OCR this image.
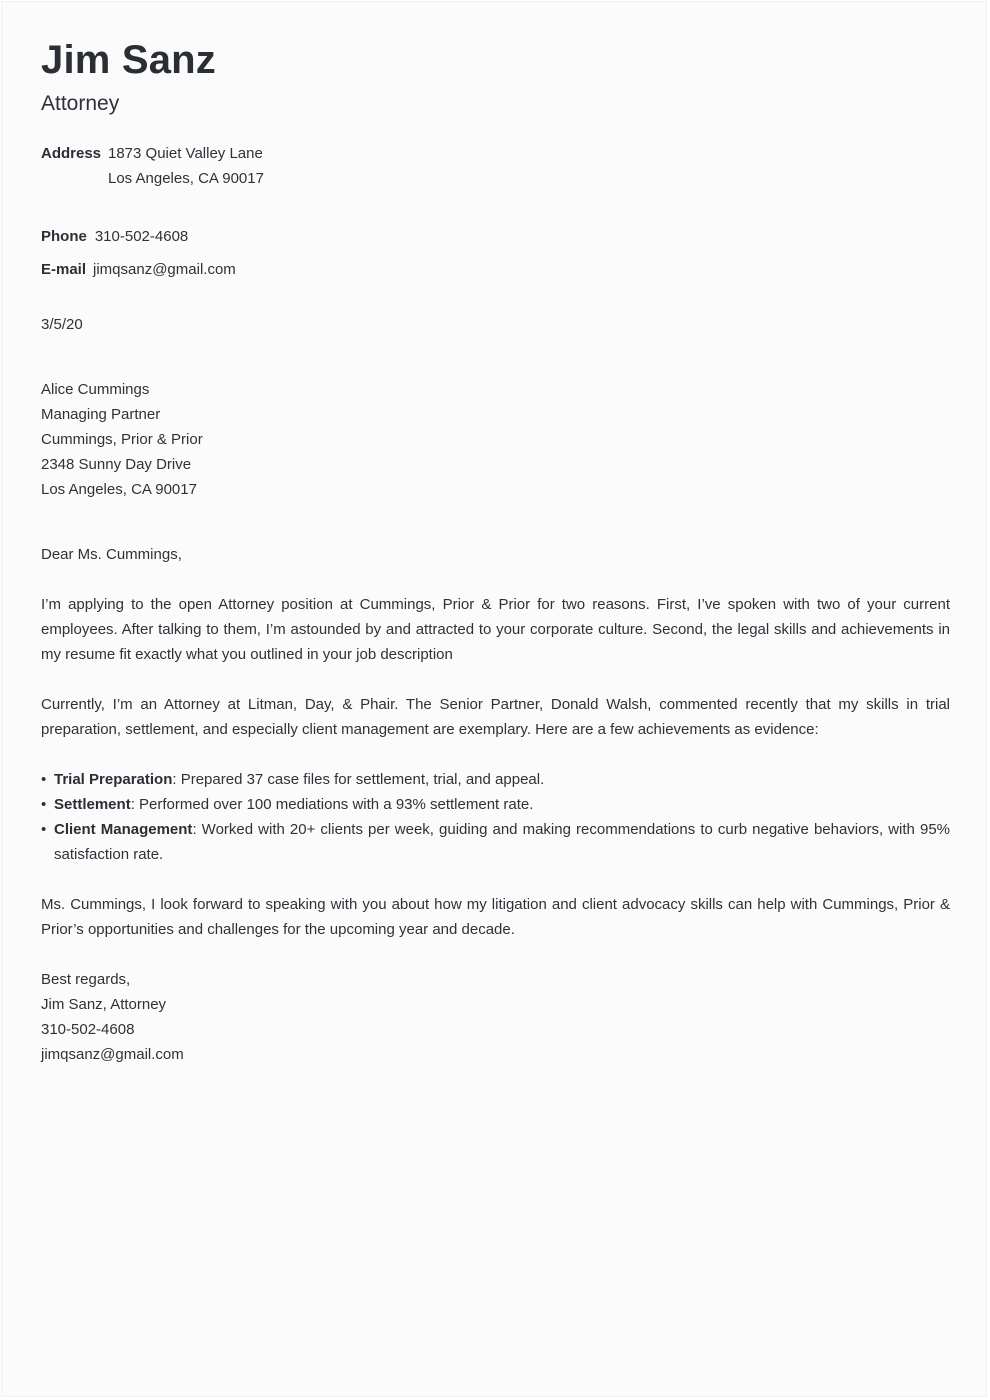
Jim Sanz
Attorney
Address 1873 Quiet Valley Lane
Los Angeles, CA 90017
Phone 310-502-4608
E-mail jimqsanz@gmail.com
3/5/20
Alice Cummings
Managing Partner
Cummings, Prior & Prior
2348 Sunny Day Drive
Los Angeles, CA 90017
Dear Ms. Cummings,

I’m applying to the open Attorney position at Cummings, Prior & Prior for two reasons. First, I’ve spoken with two of your current employees. After talking to them, I’m astounded by and attracted to your corporate culture. Second, the legal skills and achievements in my resume fit exactly what you outlined in your job description

Currently, I’m an Attorney at Litman, Day, & Phair. The Senior Partner, Donald Walsh, commented recently that my skills in trial preparation, settlement, and especially client management are exemplary. Here are a few achievements as evidence:

• Trial Preparation: Prepared 37 case files for settlement, trial, and appeal.
• Settlement: Performed over 100 mediations with a 93% settlement rate.
• Client Management: Worked with 20+ clients per week, guiding and making recommendations to curb negative behaviors, with 95% satisfaction rate.

Ms. Cummings, I look forward to speaking with you about how my litigation and client advocacy skills can help with Cummings, Prior & Prior’s opportunities and challenges for the upcoming year and decade.

Best regards,
Jim Sanz, Attorney
310-502-4608
jimqsanz@gmail.com
